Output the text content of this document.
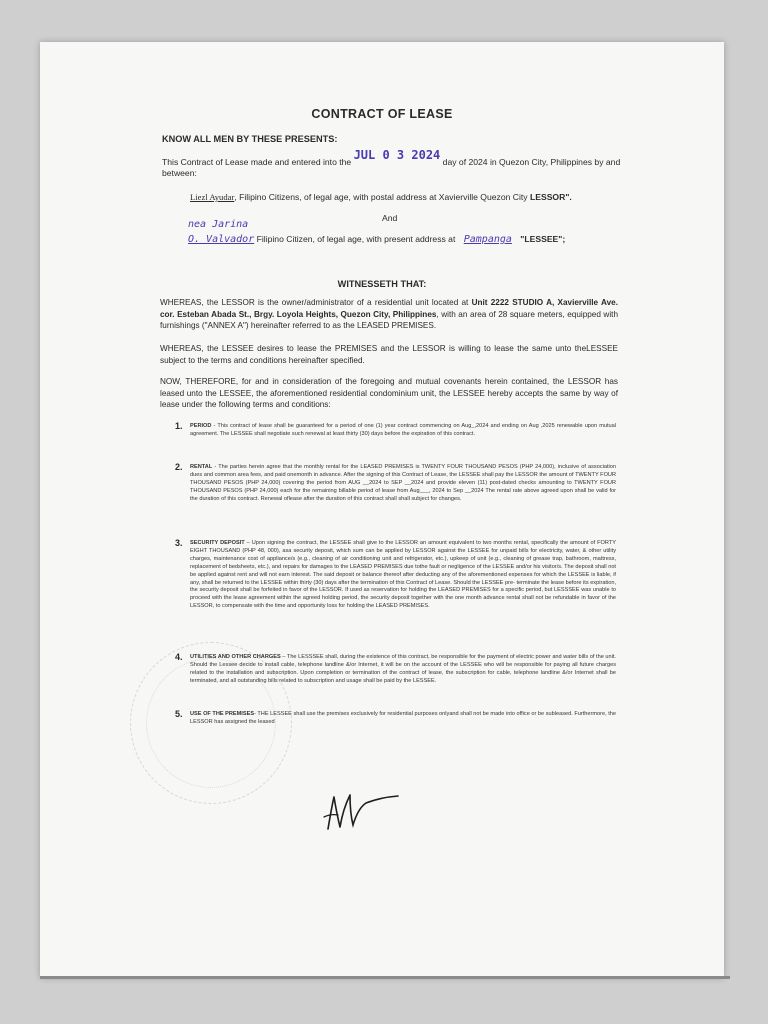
CONTRACT OF LEASE
KNOW ALL MEN BY THESE PRESENTS:
This Contract of Lease made and entered into the JUL 0 3 2024 day of 2024 in Quezon City, Philippines by and
between:
Liezl Ayudar, Filipino Citizens, of legal age, with postal address at Xavierville Quezon City LESSOR".
And
nea Jarina
O. Valvador Filipino Citizen, of legal age, with present address at Pampanga "LESSEE";
WITNESSETH THAT:
WHEREAS, the LESSOR is the owner/administrator of a residential unit located at Unit 2222 STUDIO A, Xavierville Ave. cor. Esteban Abada St., Brgy. Loyola Heights, Quezon City, Philippines, with an area of 28 square meters, equipped with furnishings ("ANNEX A") hereinafter referred to as the LEASED PREMISES.
WHEREAS, the LESSEE desires to lease the PREMISES and the LESSOR is willing to lease the same unto theLESSEE subject to the terms and conditions hereinafter specified.
NOW, THEREFORE, for and in consideration of the foregoing and mutual covenants herein contained, the LESSOR has leased unto the LESSEE, the aforementioned residential condominium unit, the LESSEE hereby accepts the same by way of lease under the following terms and conditions:
1. PERIOD - This contract of lease shall be guaranteed for a period of one (1) year contract commencing on Aug_,2024 and ending on Aug ,2025 renewable upon mutual agreement. The LESSEE shall negotiate such renewal at least thirty (30) days before the expiration of this contract.
2. RENTAL - The parties herein agree that the monthly rental for the LEASED PREMISES is TWENTY FOUR THOUSAND PESOS (PHP 24,000), inclusive of association dues and common area fees, and paid onemonth in advance. After the signing of this Contract of Lease, the LESSEE shall pay the LESSOR the amount of TWENTY FOUR THOUSAND PESOS (PHP 24,000) covering the period from AUG __2024 to SEP __2024 and provide eleven (11) post-dated checks amounting to TWENTY FOUR THOUSAND PESOS (PHP 24,000) each for the remaining billable period of lease from Aug___, 2024 to Sep __2024 The rental rate above agreed upon shall be valid for the duration of this contract. Renewal oflease after the duration of this contract shall shall subject for changes.
3. SECURITY DEPOSIT – Upon signing the contract, the LESSEE shall give to the LESSOR an amount equivalent to two months rental, specifically the amount of FORTY EIGHT THOUSAND (PHP 48, 000), asa security deposit, which sum can be applied by LESSOR against the LESSEE for unpaid bills for electricity, water, & other utility charges, maintenance cost of appliance/s (e.g., cleaning of air conditioning unit and refrigerator, etc.), upkeep of unit (e.g., cleaning of grease trap, bathroom, mattress, replacement of bedsheets, etc.), and repairs for damages to the LEASED PREMISES due tothe fault or negligence of the LESSEE and/or his visitor/s. The deposit shall not be applied against rent and will not earn interest. The said deposit or balance thereof after deducting any of the aforementioned expenses for which the LESSEE is liable, if any, shall be returned to the LESSEE within thirty (30) days after the termination of this Contract of Lease. Should the LESSEE pre- terminate the lease before its expiration, the security deposit shall be forfeited in favor of the LESSOR. If used as reservation for holding the LEASED PREMISES for a specific period, but LESSSEE was unable to proceed with the lease agreement within the agreed holding period, the security deposit together with the one month advance rental shall not be refundable in favor of the LESSOR, to compensate with the time and opportunity loss for holding the LEASED PREMISES.
4. UTILITIES AND OTHER CHARGES – The LESSSEE shall, during the existence of this contract, be responsible for the payment of electric power and water bills of the unit. Should the Lessee decide to install cable, telephone landline &/or Internet, it will be on the account of the LESSEE who will be responsible for paying all future charges related to the installation and subscription. Upon completion or termination of the contract of lease, the subscription for cable, telephone landline &/or Internet shall be terminated, and all outstanding bills related to subscription and usage shall be paid by the LESSEE.
5. USE OF THE PREMISES- THE LESSEE shall use the premises exclusively for residential purposes onlyand shall not be made into office or be subleased. Furthermore, the LESSOR has assigned the leased
